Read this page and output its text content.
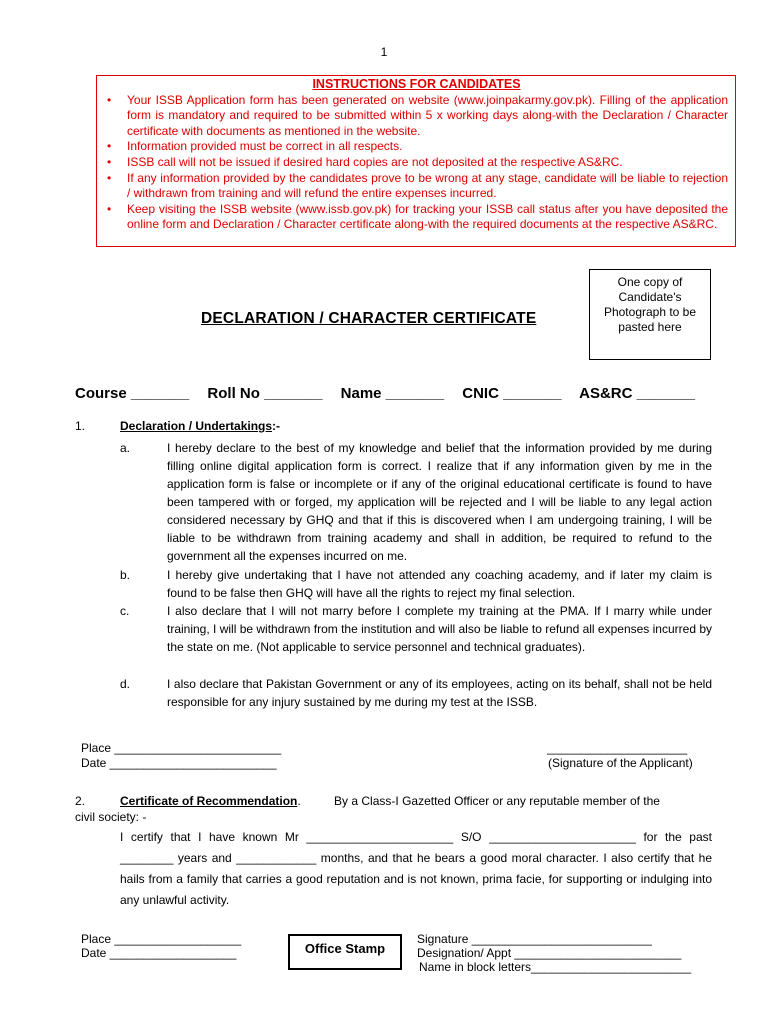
1
INSTRUCTIONS FOR CANDIDATES
• Your ISSB Application form has been generated on website (www.joinpakarmy.gov.pk). Filling of the application form is mandatory and required to be submitted within 5 x working days along-with the Declaration / Character certificate with documents as mentioned in the website.
• Information provided must be correct in all respects.
• ISSB call will not be issued if desired hard copies are not deposited at the respective AS&RC.
• If any information provided by the candidates prove to be wrong at any stage, candidate will be liable to rejection / withdrawn from training and will refund the entire expenses incurred.
• Keep visiting the ISSB website (www.issb.gov.pk) for tracking your ISSB call status after you have deposited the online form and Declaration / Character certificate along-with the required documents at the respective AS&RC.
One copy of Candidate's Photograph to be pasted here
DECLARATION / CHARACTER CERTIFICATE
Course _______ Roll No _______ Name _______ CNIC _______ AS&RC _______
1.	Declaration / Undertakings:-
a.	I hereby declare to the best of my knowledge and belief that the information provided by me during filling online digital application form is correct. I realize that if any information given by me in the application form is false or incomplete or if any of the original educational certificate is found to have been tampered with or forged, my application will be rejected and I will be liable to any legal action considered necessary by GHQ and that if this is discovered when I am undergoing training, I will be liable to be withdrawn from training academy and shall in addition, be required to refund to the government all the expenses incurred on me.
b.	I hereby give undertaking that I have not attended any coaching academy, and if later my claim is found to be false then GHQ will have all the rights to reject my final selection.
c.	I also declare that I will not marry before I complete my training at the PMA. If I marry while under training, I will be withdrawn from the institution and will also be liable to refund all expenses incurred by the state on me. (Not applicable to service personnel and technical graduates).
d.	I also declare that Pakistan Government or any of its employees, acting on its behalf, shall not be held responsible for any injury sustained by me during my test at the ISSB.
Place _________________________
Date _________________________
_____________________
(Signature of the Applicant)
2.	Certificate of Recommendation.          By a Class-I Gazetted Officer or any reputable member of the
civil society: -
I certify that I have known Mr ______________________ S/O ______________________ for the past ________ years and ____________ months, and that he bears a good moral character. I also certify that he hails from a family that carries a good reputation and is not known, prima facie, for supporting or indulging into any unlawful activity.
Place ___________________
Date ___________________	Office Stamp
Signature ___________________________
Designation/ Appt _________________________
Name in block letters________________________
